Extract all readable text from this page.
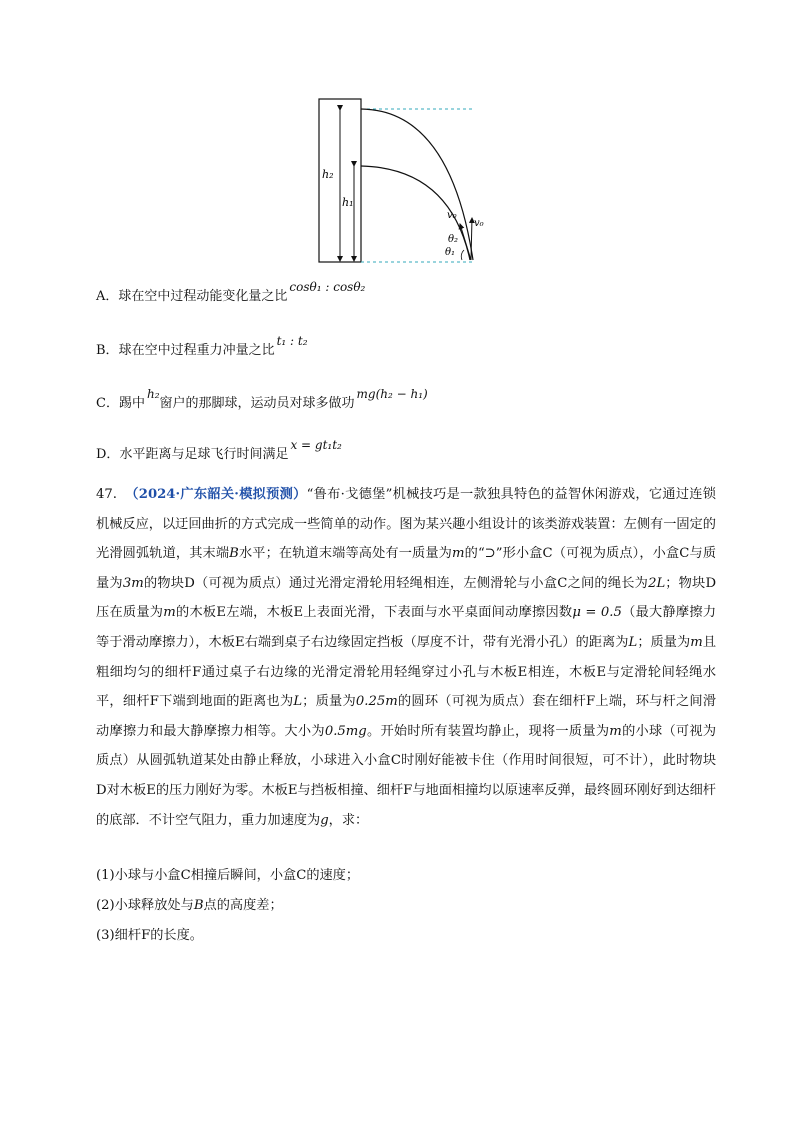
h₂
h₁
v₀
v₀
θ₂
θ₁
A．球在空中过程动能变化量之比cosθ₁ : cosθ₂
B．球在空中过程重力冲量之比t₁ : t₂
C．踢中h₂窗户的那脚球，运动员对球多做功mg(h₂ − h₁)
D．水平距离与足球飞行时间满足x = gt₁t₂

47. （2024·广东韶关·模拟预测）“鲁布·戈德堡”机械技巧是一款独具特色的益智休闲游戏，它通过连锁机械反应，以迂回曲折的方式完成一些简单的动作。图为某兴趣小组设计的该类游戏装置：左侧有一固定的光滑圆弧轨道，其末端B水平；在轨道末端等高处有一质量为m的“⊃”形小盒C（可视为质点），小盒C与质量为3m的物块D（可视为质点）通过光滑定滑轮用轻绳相连，左侧滑轮与小盒C之间的绳长为2L；物块D压在质量为m的木板E左端，木板E上表面光滑，下表面与水平桌面间动摩擦因数μ = 0.5（最大静摩擦力等于滑动摩擦力），木板E右端到桌子右边缘固定挡板（厚度不计，带有光滑小孔）的距离为L；质量为m且粗细均匀的细杆F通过桌子右边缘的光滑定滑轮用轻绳穿过小孔与木板E相连，木板E与定滑轮间轻绳水平，细杆F下端到地面的距离也为L；质量为0.25m的圆环（可视为质点）套在细杆F上端，环与杆之间滑动摩擦力和最大静摩擦力相等。大小为0.5mg。开始时所有装置均静止，现将一质量为m的小球（可视为质点）从圆弧轨道某处由静止释放，小球进入小盒C时刚好能被卡住（作用时间很短，可不计），此时物块D对木板E的压力刚好为零。木板E与挡板相撞、细杆F与地面相撞均以原速率反弹，最终圆环刚好到达细杆的底部．不计空气阻力，重力加速度为g，求：

(1)小球与小盒C相撞后瞬间，小盒C的速度；
(2)小球释放处与B点的高度差；
(3)细杆F的长度。
